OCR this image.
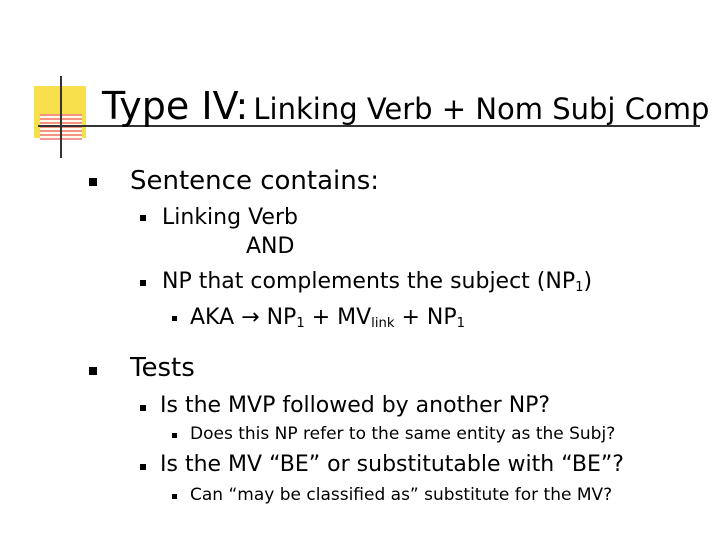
Type IV: Linking Verb + Nom Subj Comp
Sentence contains:
Linking Verb
AND
NP that complements the subject $(NP_1)$
AKA → $NP_1 + MV_{link} + NP_1$
Tests
Is the MVP followed by another NP?
Does this NP refer to the same entity as the Subj?
Is the MV “BE” or substitutable with “BE”?
Can “may be classified as” substitute for the MV?
